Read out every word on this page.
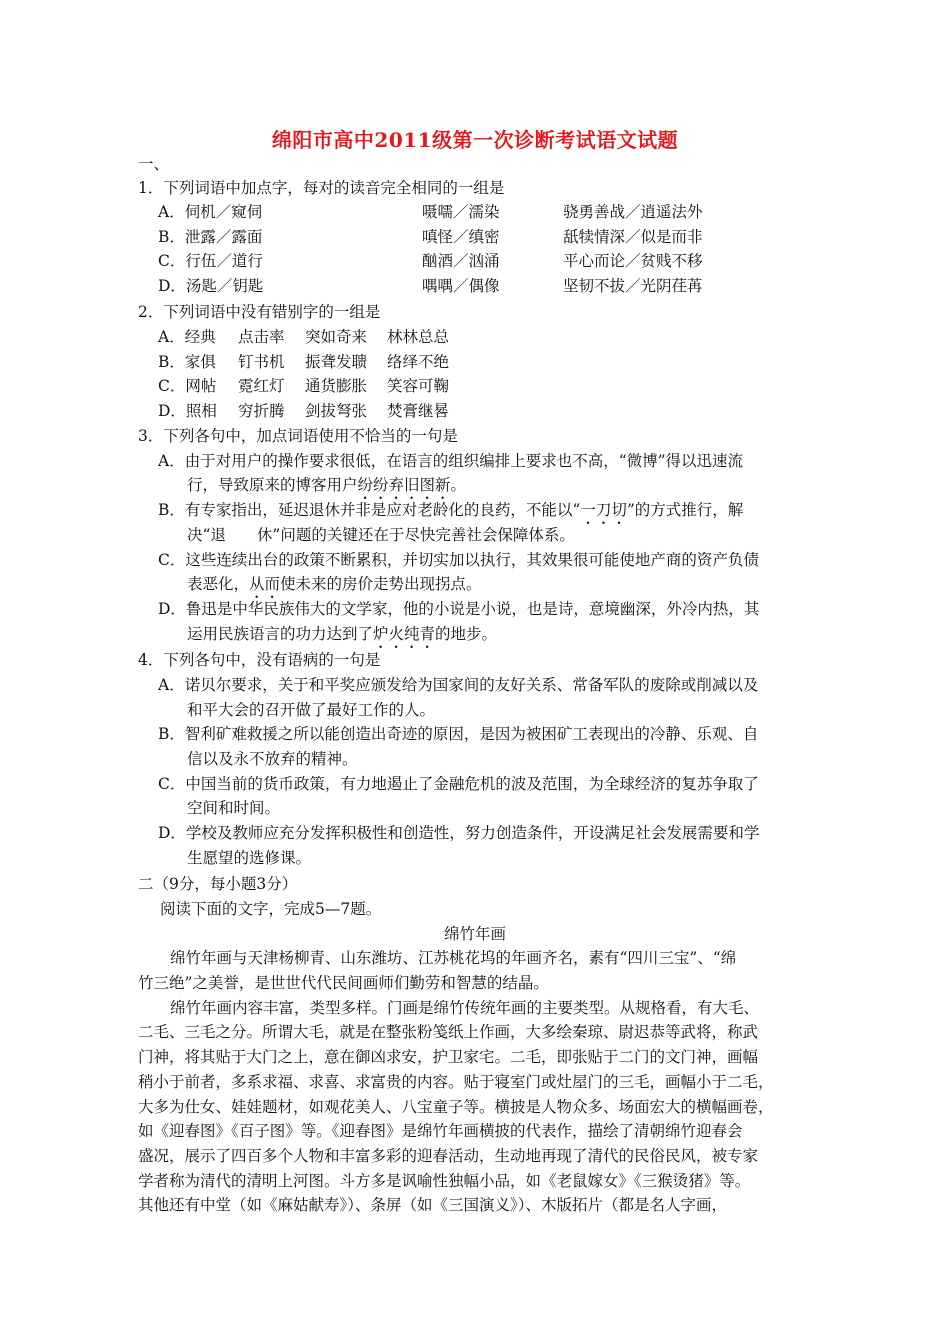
绵阳市高中2011级第一次诊断考试语文试题
一、
1．下列词语中加点字，每对的读音完全相同的一组是
A．伺机／窥伺	嗫嚅／濡染	骁勇善战／逍遥法外
B．泄露／露面	嗔怪／缜密	舐犊情深／似是而非
C．行伍／道行	酗酒／汹涌	平心而论／贫贱不移
D．汤匙／钥匙	喁喁／偶像	坚韧不拔／光阴荏苒
2．下列词语中没有错别字的一组是
A．经典 点击率 突如奇来 林林总总
B．家俱 钉书机 振聋发聩 络绎不绝
C．网帖 霓红灯 通货膨胀 笑容可鞠
D．照相 穷折腾 剑拔弩张 焚膏继晷
3．下列各句中，加点词语使用不恰当的一句是
A．由于对用户的操作要求很低，在语言的组织编排上要求也不高，“微博”得以迅速流
行，导致原来的博客用户纷纷弃旧图新。
B．有专家指出，延迟退休并非是应对老龄化的良药，不能以“一刀切”的方式推行，解
决“退　　休”问题的关键还在于尽快完善社会保障体系。
C．这些连续出台的政策不断累积，并切实加以执行，其效果很可能使地产商的资产负债
表恶化，从而使未来的房价走势出现拐点。
D．鲁迅是中华民族伟大的文学家，他的小说是小说，也是诗，意境幽深，外冷内热，其
运用民族语言的功力达到了炉火纯青的地步。
4．下列各句中，没有语病的一句是
A．诺贝尔要求，关于和平奖应颁发给为国家间的友好关系、常备军队的废除或削减以及
和平大会的召开做了最好工作的人。
B．智利矿难救援之所以能创造出奇迹的原因，是因为被困矿工表现出的冷静、乐观、自
信以及永不放弃的精神。
C．中国当前的货币政策，有力地遏止了金融危机的波及范围，为全球经济的复苏争取了
空间和时间。
D．学校及教师应充分发挥积极性和创造性，努力创造条件，开设满足社会发展需要和学
生愿望的选修课。
二（9分，每小题3分）
阅读下面的文字，完成5—7题。
绵竹年画
绵竹年画与天津杨柳青、山东潍坊、江苏桃花坞的年画齐名，素有“四川三宝”、“绵
竹三绝”之美誉，是世世代代民间画师们勤劳和智慧的结晶。
绵竹年画内容丰富，类型多样。门画是绵竹传统年画的主要类型。从规格看，有大毛、
二毛、三毛之分。所谓大毛，就是在整张粉笺纸上作画，大多绘秦琼、尉迟恭等武将，称武
门神，将其贴于大门之上，意在御凶求安，护卫家宅。二毛，即张贴于二门的文门神，画幅
稍小于前者，多系求福、求喜、求富贵的内容。贴于寝室门或灶屋门的三毛，画幅小于二毛，
大多为仕女、娃娃题材，如观花美人、八宝童子等。横披是人物众多、场面宏大的横幅画卷，
如《迎春图》《百子图》等。《迎春图》是绵竹年画横披的代表作，描绘了清朝绵竹迎春会
盛况，展示了四百多个人物和丰富多彩的迎春活动，生动地再现了清代的民俗民风，被专家
学者称为清代的清明上河图。斗方多是讽喻性独幅小品，如《老鼠嫁女》《三猴烫猪》等。
其他还有中堂（如《麻姑献寿》）、条屏（如《三国演义》）、木版拓片（都是名人字画，
